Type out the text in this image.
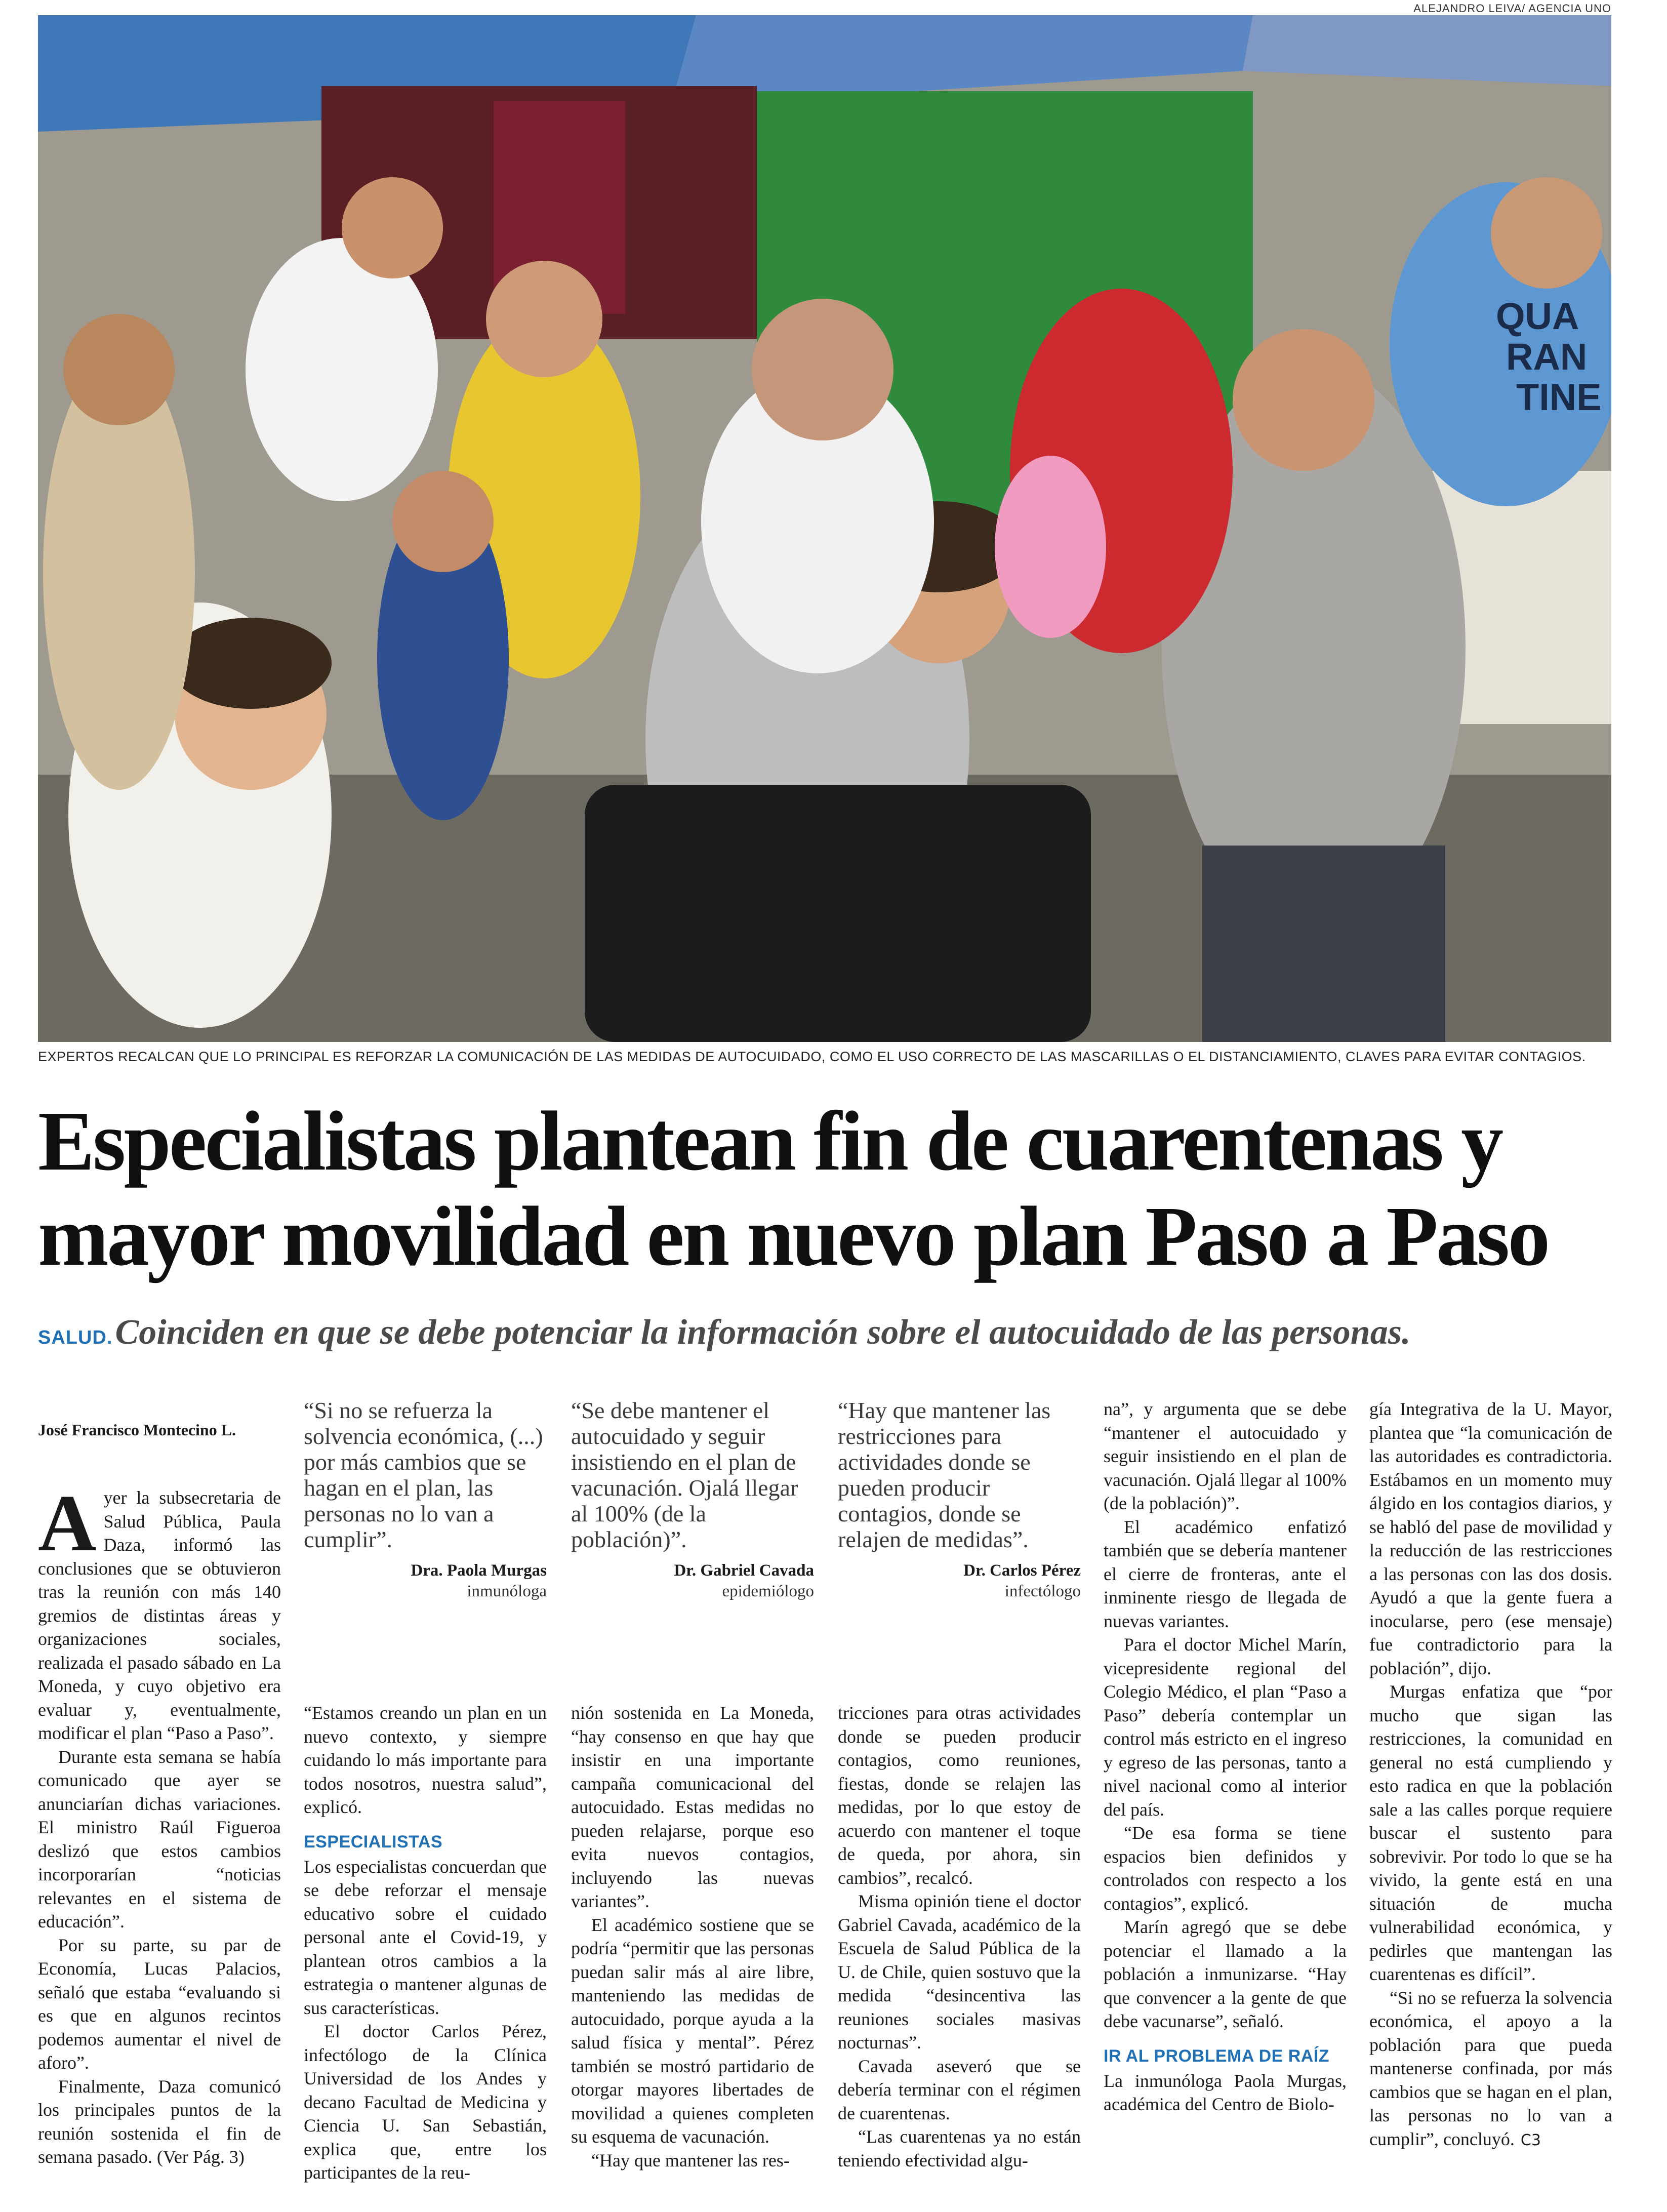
ALEJANDRO LEIVA/ AGENCIA UNO
QUA
RAN
TINE
EXPERTOS RECALCAN QUE LO PRINCIPAL ES REFORZAR LA COMUNICACIÓN DE LAS MEDIDAS DE AUTOCUIDADO, COMO EL USO CORRECTO DE LAS MASCARILLAS O EL DISTANCIAMIENTO, CLAVES PARA EVITAR CONTAGIOS.
Especialistas plantean fin de cuarentenas y
mayor movilidad en nuevo plan Paso a Paso
SALUD. Coinciden en que se debe potenciar la información sobre el autocuidado de las personas.
José Francisco Montecino L.

Ayer la subsecretaria de Salud Pública, Paula Daza, informó las conclusiones que se obtuvieron tras la reunión con más 140 gremios de distintas áreas y organizaciones sociales, realizada el pasado sábado en La Moneda, y cuyo objetivo era evaluar y, eventualmente, modificar el plan “Paso a Paso”.

Durante esta semana se había comunicado que ayer se anunciarían dichas variaciones. El ministro Raúl Figueroa deslizó que estos cambios incorporarían “noticias relevantes en el sistema de educación”.

Por su parte, su par de Economía, Lucas Palacios, señaló que estaba “evaluando si es que en algunos recintos podemos aumentar el nivel de aforo”.

Finalmente, Daza comunicó los principales puntos de la reunión sostenida el fin de semana pasado. (Ver Pág. 3)

“Si no se refuerza la solvencia económica, (...) por más cambios que se hagan en el plan, las personas no lo van a cumplir”.

Dra. Paola Murgas
inmunóloga

“Estamos creando un plan en un nuevo contexto, y siempre cuidando lo más importante para todos nosotros, nuestra salud”, explicó.

ESPECIALISTAS

Los especialistas concuerdan que se debe reforzar el mensaje educativo sobre el cuidado personal ante el Covid-19, y plantean otros cambios a la estrategia o mantener algunas de sus características.

El doctor Carlos Pérez, infectólogo de la Clínica Universidad de los Andes y decano Facultad de Medicina y Ciencia U. San Sebastián, explica que, entre los participantes de la reu-

“Se debe mantener el autocuidado y seguir insistiendo en el plan de vacunación. Ojalá llegar al 100% (de la población)”.

Dr. Gabriel Cavada
epidemiólogo

nión sostenida en La Moneda, “hay consenso en que hay que insistir en una importante campaña comunicacional del autocuidado. Estas medidas no pueden relajarse, porque eso evita nuevos contagios, incluyendo las nuevas variantes”.

El académico sostiene que se podría “permitir que las personas puedan salir más al aire libre, manteniendo las medidas de autocuidado, porque ayuda a la salud física y mental”. Pérez también se mostró partidario de otorgar mayores libertades de movilidad a quienes completen su esquema de vacunación.

“Hay que mantener las res-

“Hay que mantener las restricciones para actividades donde se pueden producir contagios, donde se relajen de medidas”.

Dr. Carlos Pérez
infectólogo

tricciones para otras actividades donde se pueden producir contagios, como reuniones, fiestas, donde se relajen las medidas, por lo que estoy de acuerdo con mantener el toque de queda, por ahora, sin cambios”, recalcó.

Misma opinión tiene el doctor Gabriel Cavada, académico de la Escuela de Salud Pública de la U. de Chile, quien sostuvo que la medida “desincentiva las reuniones sociales masivas nocturnas”.

Cavada aseveró que se debería terminar con el régimen de cuarentenas.

“Las cuarentenas ya no están teniendo efectividad algu-

na”, y argumenta que se debe “mantener el autocuidado y seguir insistiendo en el plan de vacunación. Ojalá llegar al 100% (de la población)”.

El académico enfatizó también que se debería mantener el cierre de fronteras, ante el inminente riesgo de llegada de nuevas variantes.

Para el doctor Michel Marín, vicepresidente regional del Colegio Médico, el plan “Paso a Paso” debería contemplar un control más estricto en el ingreso y egreso de las personas, tanto a nivel nacional como al interior del país.

“De esa forma se tiene espacios bien definidos y controlados con respecto a los contagios”, explicó.

Marín agregó que se debe potenciar el llamado a la población a inmunizarse. “Hay que convencer a la gente de que debe vacunarse”, señaló.

IR AL PROBLEMA DE RAÍZ

La inmunóloga Paola Murgas, académica del Centro de Biolo-

gía Integrativa de la U. Mayor, plantea que “la comunicación de las autoridades es contradictoria. Estábamos en un momento muy álgido en los contagios diarios, y se habló del pase de movilidad y la reducción de las restricciones a las personas con las dos dosis. Ayudó a que la gente fuera a inocularse, pero (ese mensaje) fue contradictorio para la población”, dijo.

Murgas enfatiza que “por mucho que sigan las restricciones, la comunidad en general no está cumpliendo y esto radica en que la población sale a las calles porque requiere buscar el sustento para sobrevivir. Por todo lo que se ha vivido, la gente está en una situación de mucha vulnerabilidad económica, y pedirles que mantengan las cuarentenas es difícil”.

“Si no se refuerza la solvencia económica, el apoyo a la población para que pueda mantenerse confinada, por más cambios que se hagan en el plan, las personas no lo van a cumplir”, concluyó. C3
